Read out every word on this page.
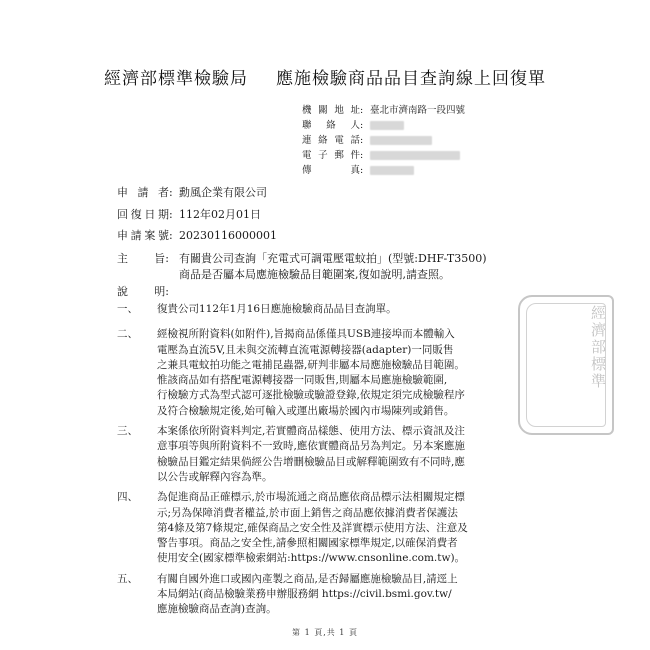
經濟部標準檢驗局 應施檢驗商品品目查詢線上回復單
機關地址 : 臺北市濟南路一段四號
聯絡人 :
連絡電話 :
電子郵件 :
傳真 :
申請者 : 勳風企業有限公司
回復日期 : 112年02月01日
申請案號 : 20230116000001
主 旨: 有關貴公司查詢「充電式可調電壓電蚊拍」(型號:DHF-T3500)
商品是否屬本局應施檢驗品目範圍案,復如說明,請查照。
說 明:
一、	復貴公司112年1月16日應施檢驗商品品目查詢單。
二、	經檢視所附資料(如附件),旨揭商品係僅具USB連接埠而本體輸入
電壓為直流5V,且未與交流轉直流電源轉接器(adapter)一同販售
之兼具電蚊拍功能之電捕昆蟲器,研判非屬本局應施檢驗品目範圍。
惟該商品如有搭配電源轉接器一同販售,則屬本局應施檢驗範圍,
行檢驗方式為型式認可逐批檢驗或驗證登錄,依規定須完成檢驗程序
及符合檢驗規定後,始可輸入或運出廠場於國內市場陳列或銷售。
三、	本案係依所附資料判定,若實體商品樣態、使用方法、標示資訊及注
意事項等與所附資料不一致時,應依實體商品另為判定。另本案應施
檢驗品目鑑定結果倘經公告增刪檢驗品目或解釋範圍致有不同時,應
以公告或解釋內容為準。
四、	為促進商品正確標示,於市場流通之商品應依商品標示法相關規定標
示;另為保障消費者權益,於市面上銷售之商品應依據消費者保護法
第4條及第7條規定,確保商品之安全性及詳實標示使用方法、注意及
警告事項。商品之安全性,請參照相關國家標準規定,以確保消費者
使用安全(國家標準檢索網站:https://www.cnsonline.com.tw)。
五、	有關自國外進口或國內產製之商品,是否歸屬應施檢驗品目,請逕上
本局網站(商品檢驗業務申辦服務網 https://civil.bsmi.gov.tw/
應施檢驗商品查詢)查詢。
經濟部標準
第 1 頁,共 1 頁
